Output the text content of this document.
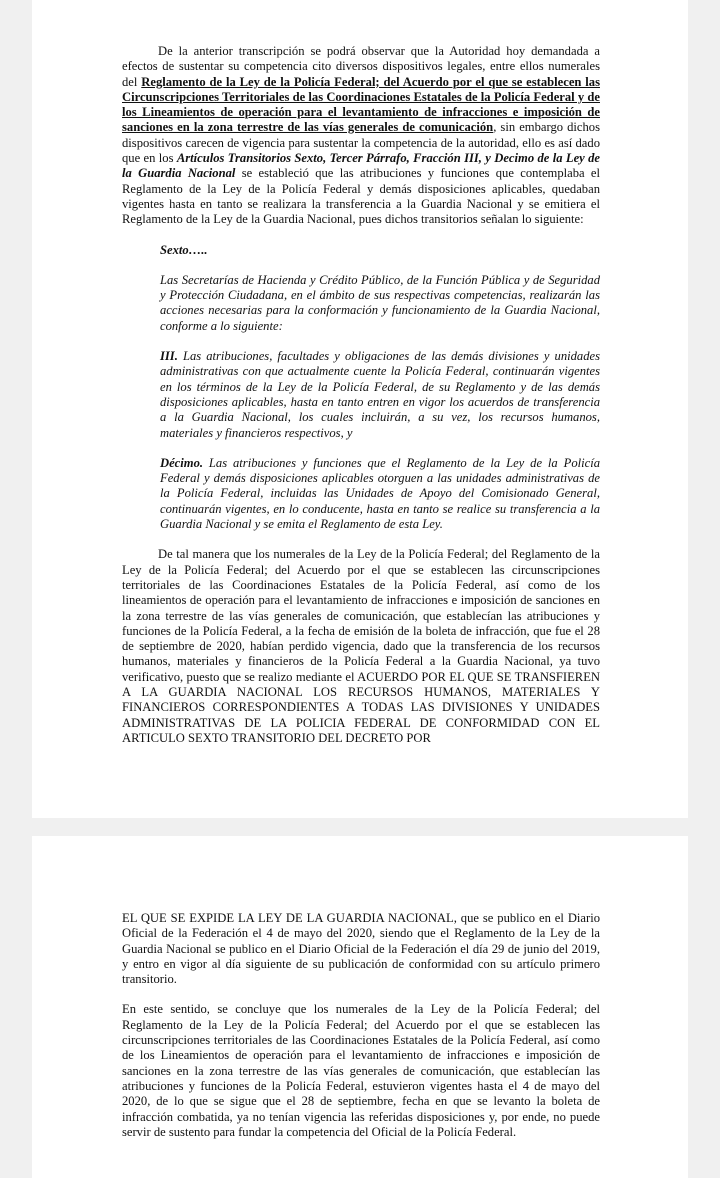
De la anterior transcripción se podrá observar que la Autoridad hoy demandada a efectos de sustentar su competencia cito diversos dispositivos legales, entre ellos numerales del Reglamento de la Ley de la Policía Federal; del Acuerdo por el que se establecen las Circunscripciones Territoriales de las Coordinaciones Estatales de la Policía Federal y de los Lineamientos de operación para el levantamiento de infracciones e imposición de sanciones en la zona terrestre de las vías generales de comunicación, sin embargo dichos dispositivos carecen de vigencia para sustentar la competencia de la autoridad, ello es así dado que en los Artículos Transitorios Sexto, Tercer Párrafo, Fracción III, y Decimo de la Ley de la Guardia Nacional se estableció que las atribuciones y funciones que contemplaba el Reglamento de la Ley de la Policía Federal y demás disposiciones aplicables, quedaban vigentes hasta en tanto se realizara la transferencia a la Guardia Nacional y se emitiera el Reglamento de la Ley de la Guardia Nacional, pues dichos transitorios señalan lo siguiente:

Sexto…..

Las Secretarías de Hacienda y Crédito Público, de la Función Pública y de Seguridad y Protección Ciudadana, en el ámbito de sus respectivas competencias, realizarán las acciones necesarias para la conformación y funcionamiento de la Guardia Nacional, conforme a lo siguiente:

III. Las atribuciones, facultades y obligaciones de las demás divisiones y unidades administrativas con que actualmente cuente la Policía Federal, continuarán vigentes en los términos de la Ley de la Policía Federal, de su Reglamento y de las demás disposiciones aplicables, hasta en tanto entren en vigor los acuerdos de transferencia a la Guardia Nacional, los cuales incluirán, a su vez, los recursos humanos, materiales y financieros respectivos, y

Décimo. Las atribuciones y funciones que el Reglamento de la Ley de la Policía Federal y demás disposiciones aplicables otorguen a las unidades administrativas de la Policía Federal, incluidas las Unidades de Apoyo del Comisionado General, continuarán vigentes, en lo conducente, hasta en tanto se realice su transferencia a la Guardia Nacional y se emita el Reglamento de esta Ley.

De tal manera que los numerales de la Ley de la Policía Federal; del Reglamento de la Ley de la Policía Federal; del Acuerdo por el que se establecen las circunscripciones territoriales de las Coordinaciones Estatales de la Policía Federal, así como de los lineamientos de operación para el levantamiento de infracciones e imposición de sanciones en la zona terrestre de las vías generales de comunicación, que establecían las atribuciones y funciones de la Policía Federal, a la fecha de emisión de la boleta de infracción, que fue el 28 de septiembre de 2020, habían perdido vigencia, dado que la transferencia de los recursos humanos, materiales y financieros de la Policía Federal a la Guardia Nacional, ya tuvo verificativo, puesto que se realizo mediante el ACUERDO POR EL QUE SE TRANSFIEREN A LA GUARDIA NACIONAL LOS RECURSOS HUMANOS, MATERIALES Y FINANCIEROS CORRESPONDIENTES A TODAS LAS DIVISIONES Y UNIDADES ADMINISTRATIVAS DE LA POLICIA FEDERAL DE CONFORMIDAD CON EL ARTICULO SEXTO TRANSITORIO DEL DECRETO POR

EL QUE SE EXPIDE LA LEY DE LA GUARDIA NACIONAL, que se publico en el Diario Oficial de la Federación el 4 de mayo del 2020, siendo que el Reglamento de la Ley de la Guardia Nacional se publico en el Diario Oficial de la Federación el día 29 de junio del 2019, y entro en vigor al día siguiente de su publicación de conformidad con su artículo primero transitorio.

En este sentido, se concluye que los numerales de la Ley de la Policía Federal; del Reglamento de la Ley de la Policía Federal; del Acuerdo por el que se establecen las circunscripciones territoriales de las Coordinaciones Estatales de la Policía Federal, así como de los Lineamientos de operación para el levantamiento de infracciones e imposición de sanciones en la zona terrestre de las vías generales de comunicación, que establecían las atribuciones y funciones de la Policía Federal, estuvieron vigentes hasta el 4 de mayo del 2020, de lo que se sigue que el 28 de septiembre, fecha en que se levanto la boleta de infracción combatida, ya no tenían vigencia las referidas disposiciones y, por ende, no puede servir de sustento para fundar la competencia del Oficial de la Policía Federal.
